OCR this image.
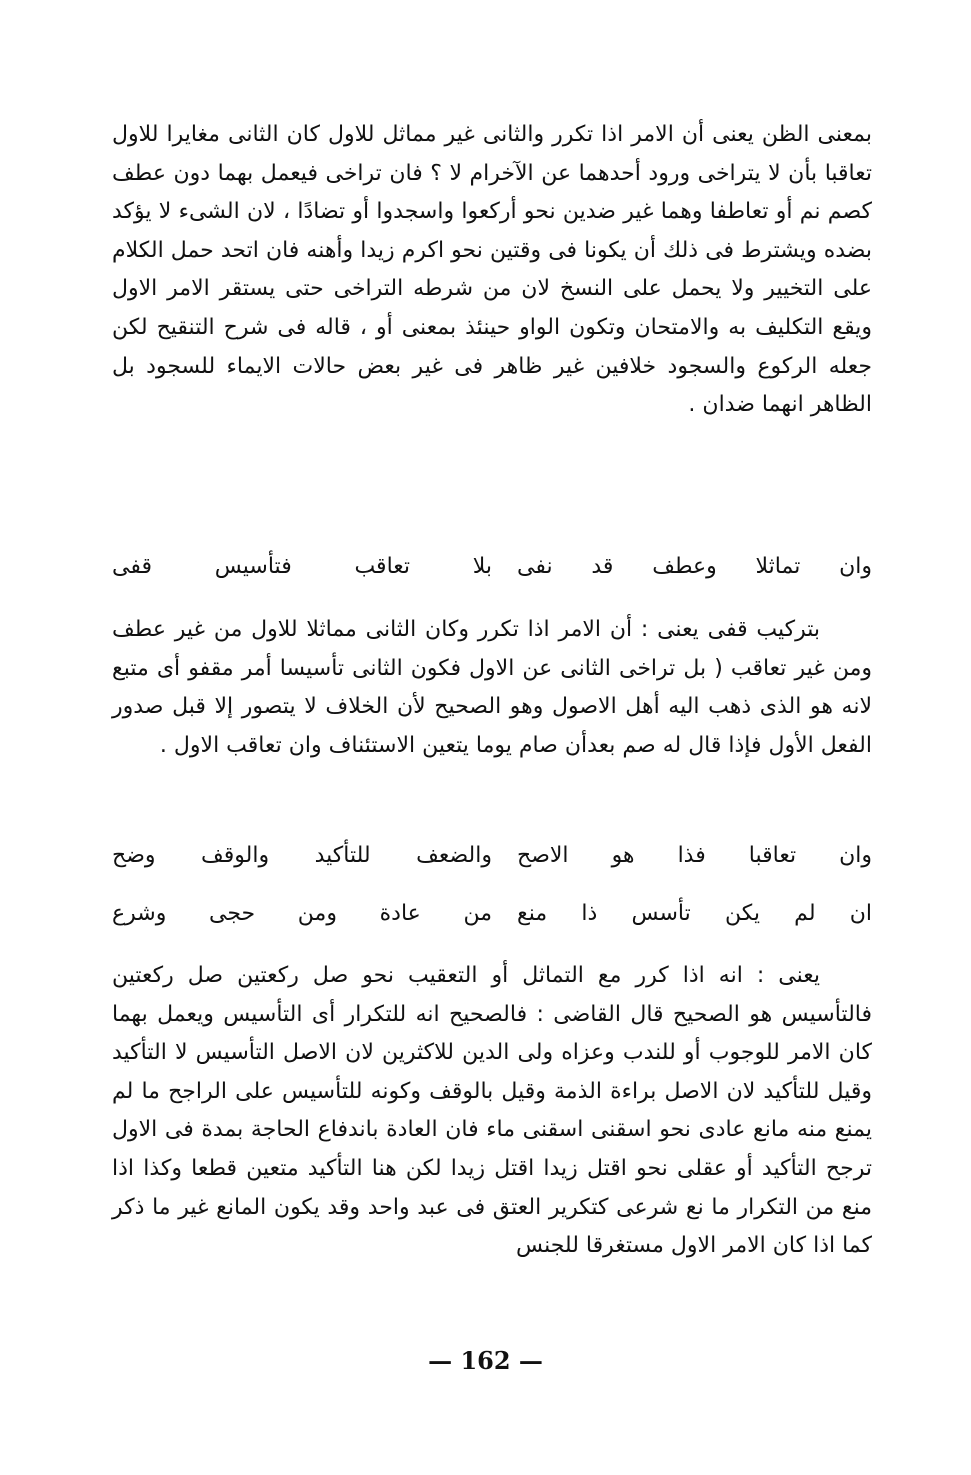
بمعنى الظن يعنى أن الامر اذا تكرر والثانى غير مماثل للاول كان الثانى مغايرا للاول تعاقبا بأن لا يتراخى ورود أحدهما عن الآخرام لا ؟ فان تراخى فيعمل بهما دون عطف كصم نم أو تعاطفا وهما غير ضدين نحو أركعوا واسجدوا أو تضادًا ، لان الشىء لا يؤكد بضده ويشترط فى ذلك أن يكونا فى وقتين نحو اكرم زيدا وأهنه فان اتحد حمل الكلام على التخيير ولا يحمل على النسخ لان من شرطه التراخى حتى يستقر الامر الاول ويقع التكليف به والامتحان وتكون الواو حينئذ بمعنى أو ، قاله فى شرح التنقيح لكن جعله الركوع والسجود خلافين غير ظاهر فى غير بعض حالات الايماء للسجود بل الظاهر انهما ضدان .

وان تماثلا وعطف قد نفى
بلا تعاقب فتأسيس قفى

بتركيب قفى يعنى : أن الامر اذا تكرر وكان الثانى مماثلا للاول من غير عطف ومن غير تعاقب ( بل تراخى الثانى عن الاول فكون الثانى تأسيسا أمر مقفو أى متبع لانه هو الذى ذهب اليه أهل الاصول وهو الصحيح لأن الخلاف لا يتصور إلا قبل صدور الفعل الأول فإذا قال له صم بعدأن صام يوما يتعين الاستئناف وان تعاقب الاول .

وان تعاقبا فذا هو الاصح
والضعف للتأكيد والوقف وضح
ان لم يكن تأسس ذا منع
من عادة ومن حجى وشرع

يعنى : انه اذا كرر مع التماثل أو التعقيب نحو صل ركعتين صل ركعتين فالتأسيس هو الصحيح قال القاضى : فالصحيح انه للتكرار أى التأسيس ويعمل بهما كان الامر للوجوب أو للندب وعزاه ولى الدين للاكثرين لان الاصل التأسيس لا التأكيد وقيل للتأكيد لان الاصل براءة الذمة وقيل بالوقف وكونه للتأسيس على الراجح ما لم يمنع منه مانع عادى نحو اسقنى اسقنى ماء فان العادة باندفاع الحاجة بمدة فى الاول ترجح التأكيد أو عقلى نحو اقتل زيدا اقتل زيدا لكن هنا التأكيد متعين قطعا وكذا اذا منع من التكرار ما نع شرعى كتكرير العتق فى عبد واحد وقد يكون المانع غير ما ذكر كما اذا كان الامر الاول مستغرقا للجنس

— 162 —
